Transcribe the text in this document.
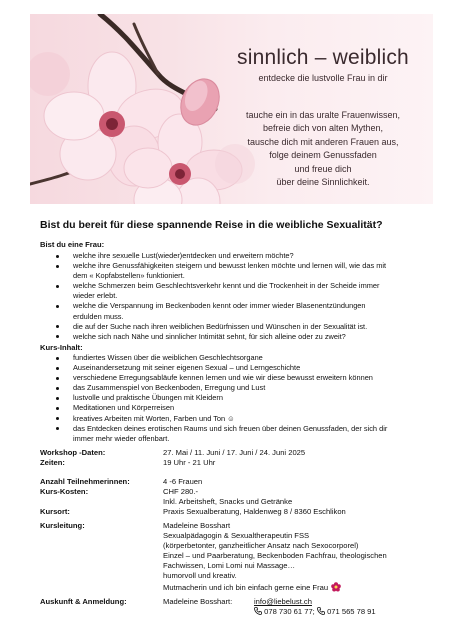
sinnlich – weiblich
entdecke die lustvolle Frau in dir
tauche ein in das uralte Frauenwissen,
befreie dich von alten Mythen,
tausche dich mit anderen Frauen aus,
folge deinem Genussfaden
und freue dich
über deine Sinnlichkeit.
Bist du bereit für diese spannende Reise in die weibliche Sexualität?
Bist du eine Frau:
welche ihre sexuelle Lust(wieder)entdecken und erweitern möchte?
welche ihre Genussfähigkeiten steigern und bewusst lenken möchte und lernen will, wie das mit
dem « Kopfabstellen» funktioniert.
welche Schmerzen beim Geschlechtsverkehr kennt und die Trockenheit in der Scheide immer
wieder erlebt.
welche die Verspannung im Beckenboden kennt oder immer wieder Blasenentzündungen
erdulden muss.
die auf der Suche nach ihren weiblichen Bedürfnissen und Wünschen in der Sexualität ist.
welche sich nach Nähe und sinnlicher Intimität sehnt, für sich alleine oder zu zweit?
Kurs-Inhalt:
fundiertes Wissen über die weiblichen Geschlechtsorgane
Auseinandersetzung mit seiner eigenen Sexual – und Lerngeschichte
verschiedene Erregungsabläufe kennen lernen und wie wir diese bewusst erweitern können
das Zusammenspiel von Beckenboden, Erregung und Lust
lustvolle und praktische Übungen mit Kleidern
Meditationen und Körperreisen
kreatives Arbeiten mit Worten, Farben und Ton ☺
das Entdecken deines erotischen Raums und sich freuen über deinen Genussfaden, der sich dir
immer mehr wieder offenbart.
Workshop -Daten:	27. Mai / 11. Juni / 17. Juni / 24. Juni 2025
Zeiten:	19 Uhr - 21 Uhr
Anzahl Teilnehmerinnen:	4 -6 Frauen
Kurs-Kosten:	CHF 280.-
Inkl. Arbeitsheft, Snacks und Getränke
Kursort:	Praxis Sexualberatung, Haldenweg 8 / 8360 Eschlikon
Kursleitung:	Madeleine Bosshart
Sexualpädagogin & Sexualtherapeutin FSS
(körperbetonter, ganzheitlicher Ansatz nach Sexocorporel)
Einzel – und Paarberatung, Beckenboden Fachfrau, theologischen
Fachwissen, Lomi Lomi nui Massage…
humorvoll und kreativ.
Mutmacherin und ich bin einfach gerne eine Frau
Auskunft & Anmeldung:	Madeleine Bosshart:	info@liebelust.ch
078 730 61 77; 071 565 78 91
